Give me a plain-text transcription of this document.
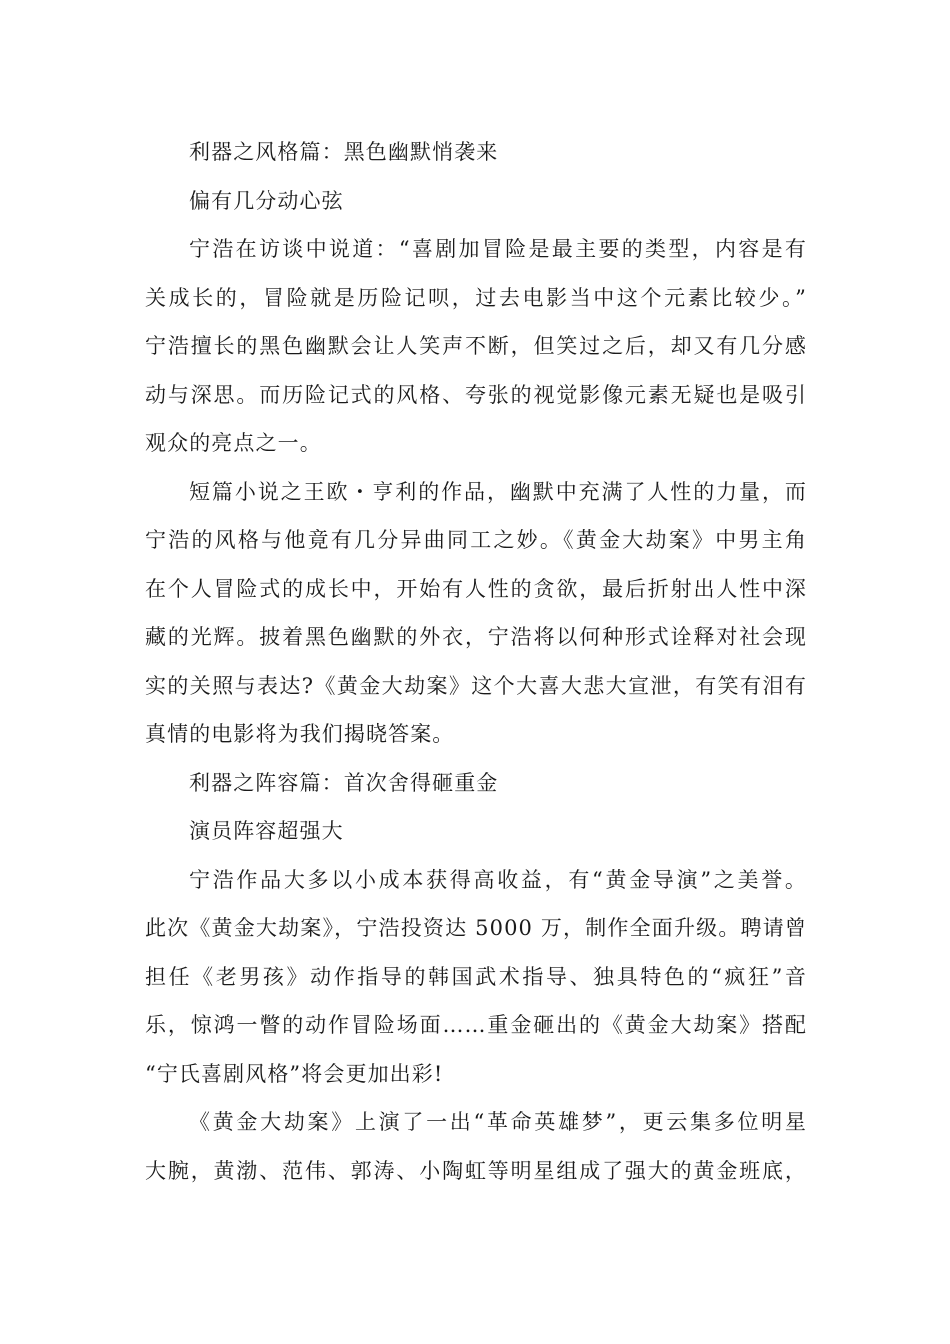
利器之风格篇：黑色幽默悄袭来
偏有几分动心弦
宁浩在访谈中说道：“喜剧加冒险是最主要的类型，内容是有
关成长的，冒险就是历险记呗，过去电影当中这个元素比较少。”
宁浩擅长的黑色幽默会让人笑声不断，但笑过之后，却又有几分感
动与深思。而历险记式的风格、夸张的视觉影像元素无疑也是吸引
观众的亮点之一。
短篇小说之王欧・亨利的作品，幽默中充满了人性的力量，而
宁浩的风格与他竟有几分异曲同工之妙。《黄金大劫案》中男主角
在个人冒险式的成长中，开始有人性的贪欲，最后折射出人性中深
藏的光辉。披着黑色幽默的外衣，宁浩将以何种形式诠释对社会现
实的关照与表达?《黄金大劫案》这个大喜大悲大宣泄，有笑有泪有
真情的电影将为我们揭晓答案。
利器之阵容篇：首次舍得砸重金
演员阵容超强大
宁浩作品大多以小成本获得高收益，有“黄金导演”之美誉。
此次《黄金大劫案》，宁浩投资达 5000 万，制作全面升级。聘请曾
担任《老男孩》动作指导的韩国武术指导、独具特色的“疯狂”音
乐，惊鸿一瞥的动作冒险场面……重金砸出的《黄金大劫案》搭配
“宁氏喜剧风格”将会更加出彩!
《黄金大劫案》上演了一出“革命英雄梦”，更云集多位明星
大腕，黄渤、范伟、郭涛、小陶虹等明星组成了强大的黄金班底，
